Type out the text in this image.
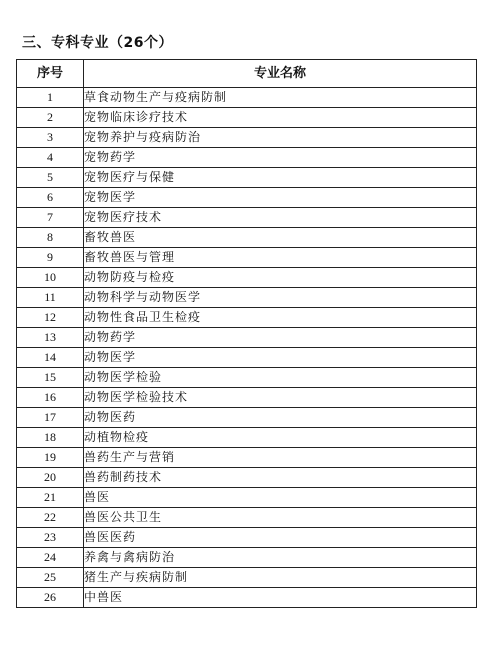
三、专科专业（26个）
序号	专业名称
1	草食动物生产与疫病防制
2	宠物临床诊疗技术
3	宠物养护与疫病防治
4	宠物药学
5	宠物医疗与保健
6	宠物医学
7	宠物医疗技术
8	畜牧兽医
9	畜牧兽医与管理
10	动物防疫与检疫
11	动物科学与动物医学
12	动物性食品卫生检疫
13	动物药学
14	动物医学
15	动物医学检验
16	动物医学检验技术
17	动物医药
18	动植物检疫
19	兽药生产与营销
20	兽药制药技术
21	兽医
22	兽医公共卫生
23	兽医医药
24	养禽与禽病防治
25	猪生产与疾病防制
26	中兽医
